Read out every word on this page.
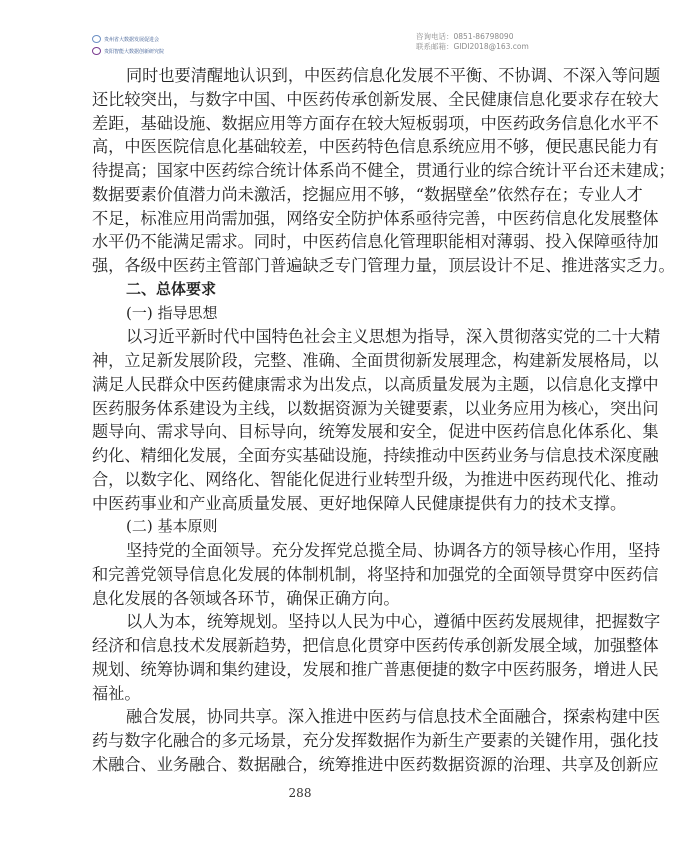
贵州省大数据发展促进会
贵阳智能大数据创新研究院
咨询电话：0851-86798090
联系邮箱：GIDI2018@163.com
同时也要清醒地认识到，中医药信息化发展不平衡、不协调、不深入等问题
还比较突出，与数字中国、中医药传承创新发展、全民健康信息化要求存在较大
差距，基础设施、数据应用等方面存在较大短板弱项，中医药政务信息化水平不
高，中医医院信息化基础较差，中医药特色信息系统应用不够，便民惠民能力有
待提高；国家中医药综合统计体系尚不健全，贯通行业的综合统计平台还未建成；
数据要素价值潜力尚未激活，挖掘应用不够，“数据壁垒”依然存在；专业人才
不足，标准应用尚需加强，网络安全防护体系亟待完善，中医药信息化发展整体
水平仍不能满足需求。同时，中医药信息化管理职能相对薄弱、投入保障亟待加
强，各级中医药主管部门普遍缺乏专门管理力量，顶层设计不足、推进落实乏力。
二、总体要求
(一) 指导思想
以习近平新时代中国特色社会主义思想为指导，深入贯彻落实党的二十大精
神，立足新发展阶段，完整、准确、全面贯彻新发展理念，构建新发展格局，以
满足人民群众中医药健康需求为出发点，以高质量发展为主题，以信息化支撑中
医药服务体系建设为主线，以数据资源为关键要素，以业务应用为核心，突出问
题导向、需求导向、目标导向，统筹发展和安全，促进中医药信息化体系化、集
约化、精细化发展，全面夯实基础设施，持续推动中医药业务与信息技术深度融
合，以数字化、网络化、智能化促进行业转型升级，为推进中医药现代化、推动
中医药事业和产业高质量发展、更好地保障人民健康提供有力的技术支撑。
(二) 基本原则
坚持党的全面领导。充分发挥党总揽全局、协调各方的领导核心作用，坚持
和完善党领导信息化发展的体制机制，将坚持和加强党的全面领导贯穿中医药信
息化发展的各领域各环节，确保正确方向。
以人为本，统筹规划。坚持以人民为中心，遵循中医药发展规律，把握数字
经济和信息技术发展新趋势，把信息化贯穿中医药传承创新发展全域，加强整体
规划、统筹协调和集约建设，发展和推广普惠便捷的数字中医药服务，增进人民
福祉。
融合发展，协同共享。深入推进中医药与信息技术全面融合，探索构建中医
药与数字化融合的多元场景，充分发挥数据作为新生产要素的关键作用，强化技
术融合、业务融合、数据融合，统筹推进中医药数据资源的治理、共享及创新应
288
